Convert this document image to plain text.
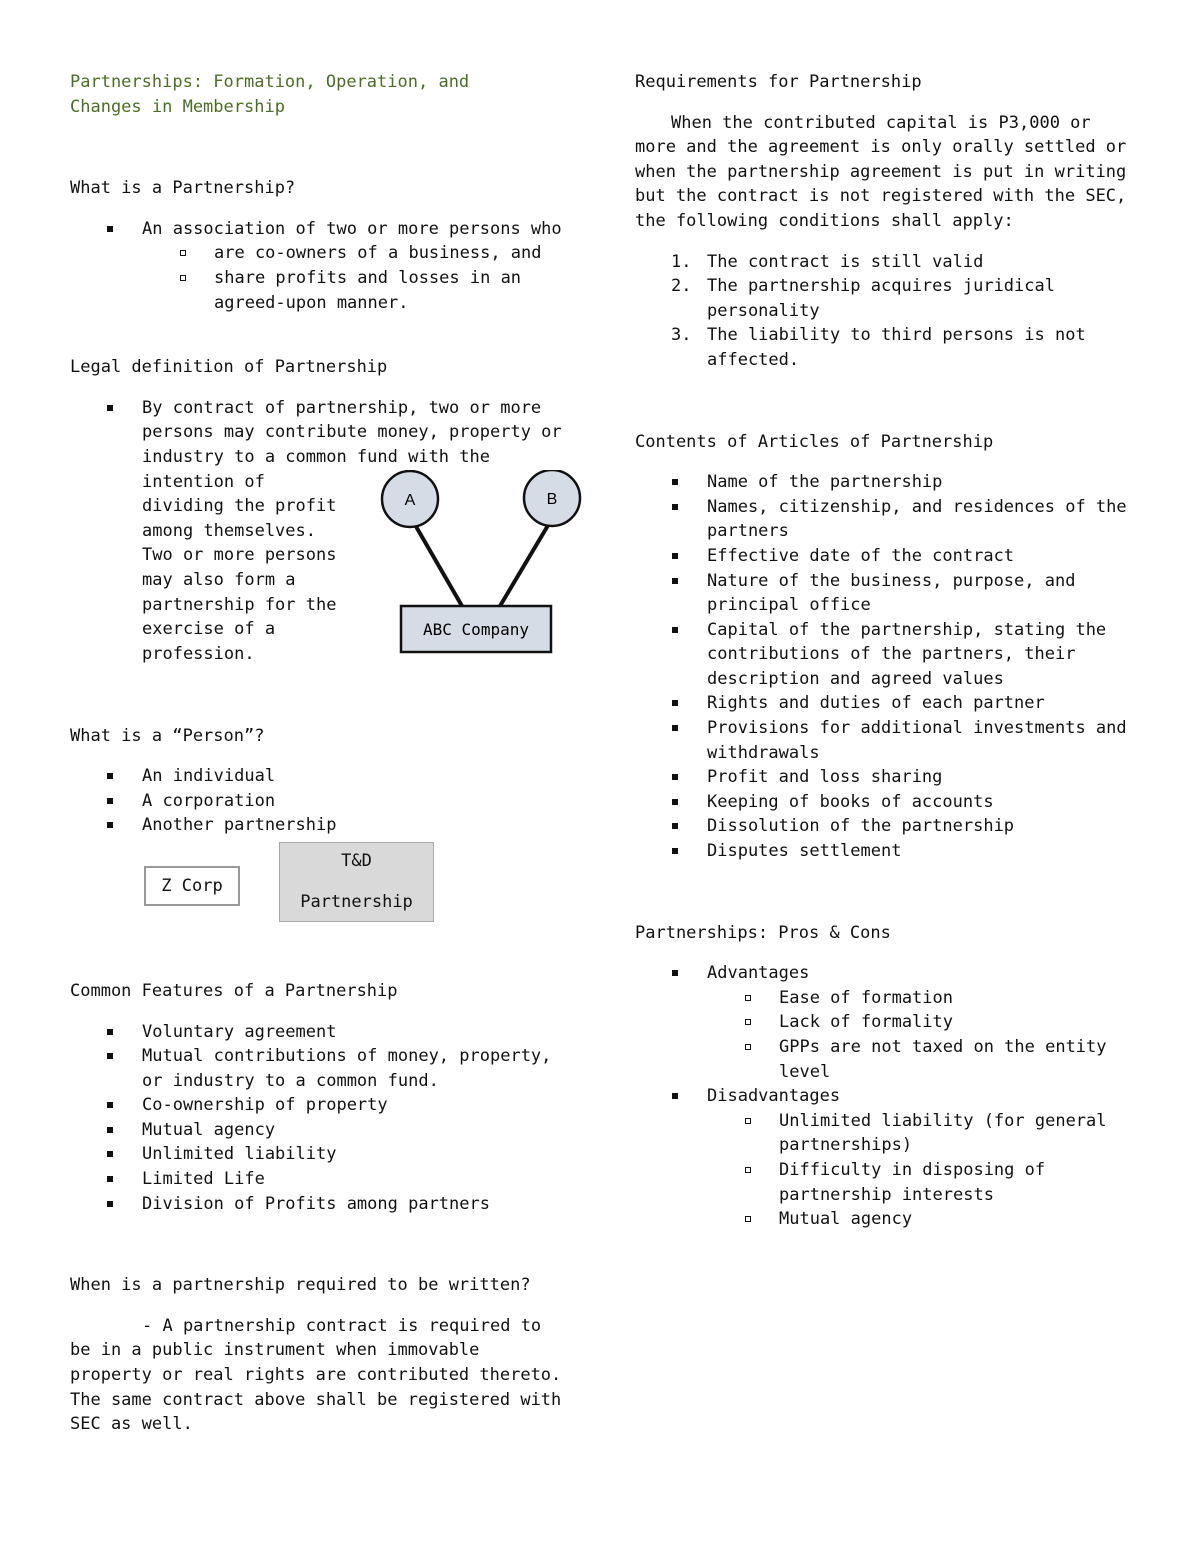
Partnerships: Formation, Operation, and
Changes in Membership

What is a Partnership?
An association of two or more persons who
are co-owners of a business, and
share profits and losses in an agreed-upon manner.
Legal definition of Partnership
By contract of partnership, two or more persons may contribute money, property or industry to a common fund with the
intention of
dividing the profit
among themselves.
Two or more persons
may also form a
partnership for the
exercise of a
profession.
A	B
ABC Company
What is a “Person”?
An individual
A corporation
Another partnership
Z Corp
T&D
Partnership
Common Features of a Partnership
Voluntary agreement
Mutual contributions of money, property, or industry to a common fund.
Co-ownership of property
Mutual agency
Unlimited liability
Limited Life
Division of Profits among partners
When is a partnership required to be written?

- A partnership contract is required to be in a public instrument when immovable property or real rights are contributed thereto. The same contract above shall be registered with SEC as well.

Requirements for Partnership

When the contributed capital is P3,000 or more and the agreement is only orally settled or when the partnership agreement is put in writing but the contract is not registered with the SEC, the following conditions shall apply:

1. The contract is still valid
2. The partnership acquires juridical personality
3. The liability to third persons is not affected.
Contents of Articles of Partnership
Name of the partnership
Names, citizenship, and residences of the partners
Effective date of the contract
Nature of the business, purpose, and principal office
Capital of the partnership, stating the contributions of the partners, their description and agreed values
Rights and duties of each partner
Provisions for additional investments and withdrawals
Profit and loss sharing
Keeping of books of accounts
Dissolution of the partnership
Disputes settlement
Partnerships: Pros & Cons
Advantages
Ease of formation
Lack of formality
GPPs are not taxed on the entity level
Disadvantages
Unlimited liability (for general partnerships)
Difficulty in disposing of partnership interests
Mutual agency
